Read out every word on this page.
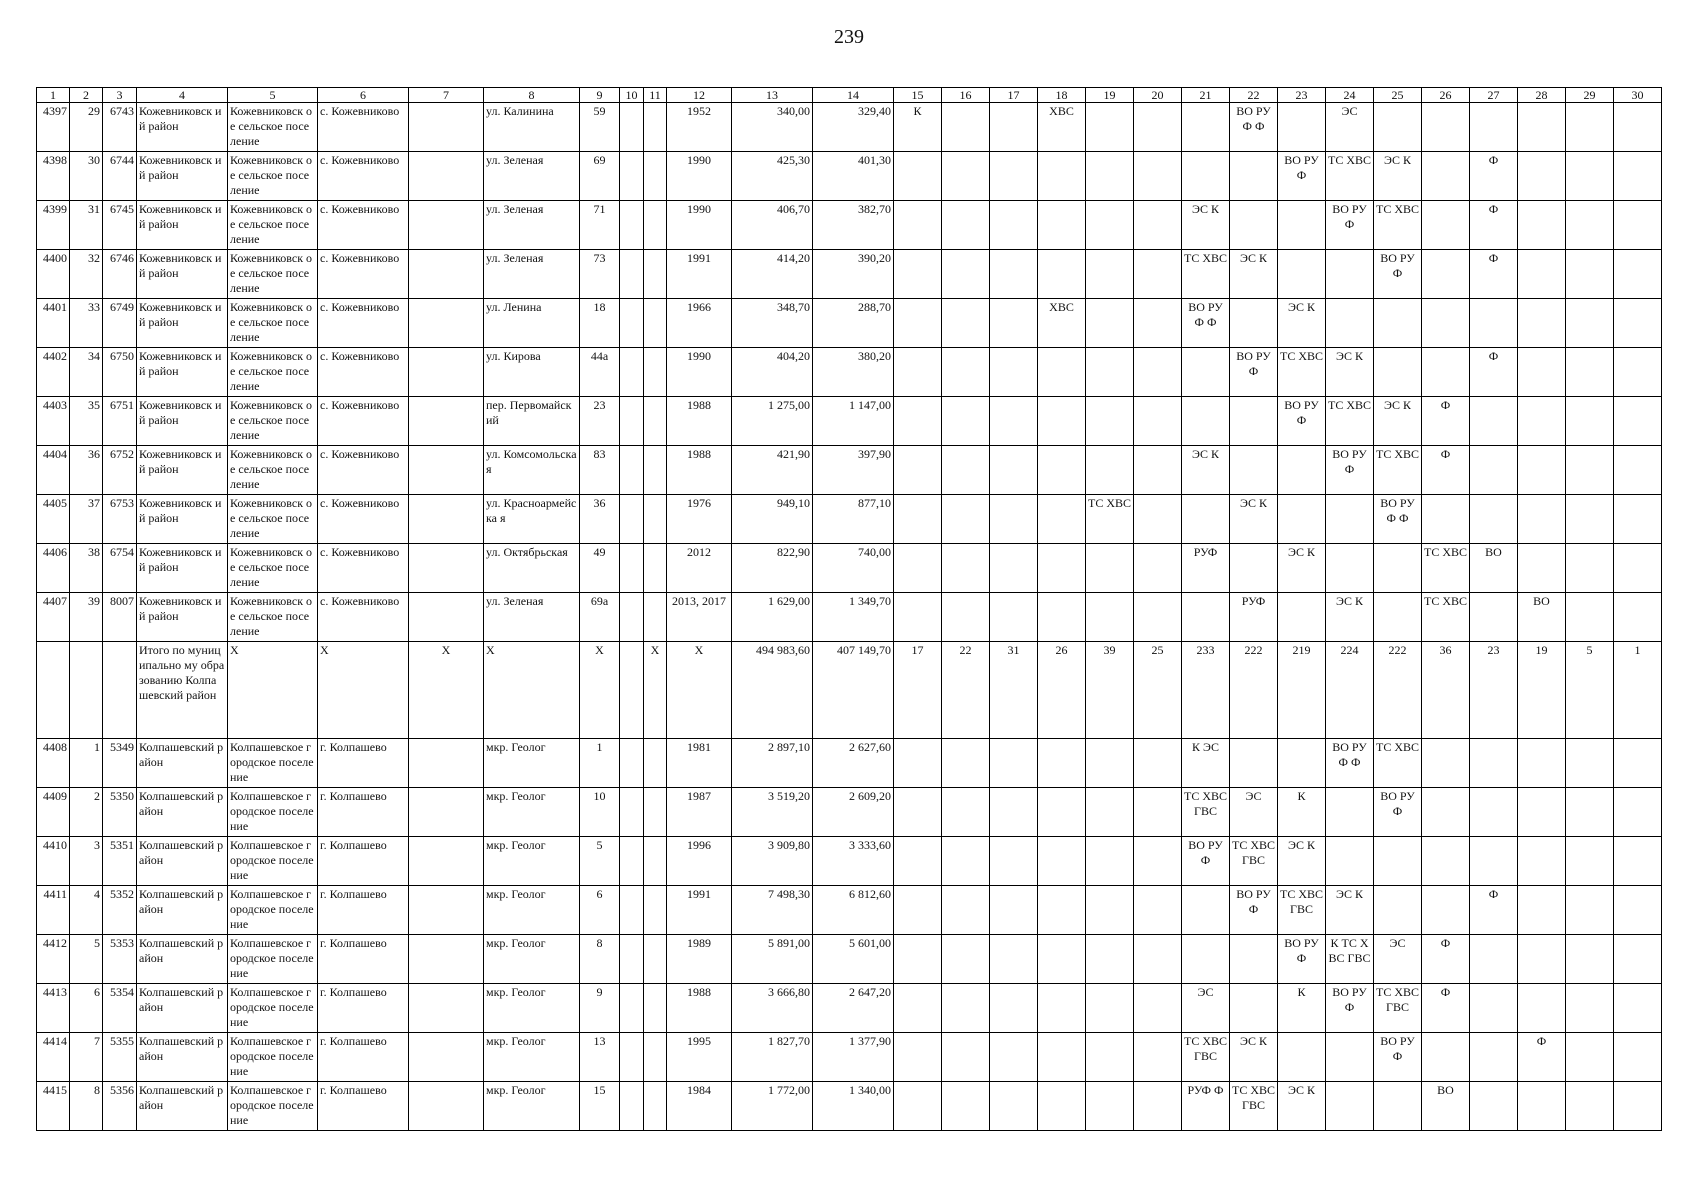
239
1	2	3	4	5	6	7	8	9	10	11	12	13	14	15	16	17	18	19	20	21	22	23	24	25	26	27	28	29	30
4397	29	6743	Кожевниковск ий район	Кожевниковск ое сельское поселение	с. Кожевниково		ул. Калинина	59			1952	340,00	329,40	К			ХВС				ВО РУФ Ф		ЭС						
4398	30	6744	Кожевниковск ий район	Кожевниковск ое сельское поселение	с. Кожевниково		ул. Зеленая	69			1990	425,30	401,30									ВО РУФ	ТС ХВС	ЭС К		Ф			
4399	31	6745	Кожевниковск ий район	Кожевниковск ое сельское поселение	с. Кожевниково		ул. Зеленая	71			1990	406,70	382,70							ЭС К			ВО РУФ	ТС ХВС		Ф			
4400	32	6746	Кожевниковск ий район	Кожевниковск ое сельское поселение	с. Кожевниково		ул. Зеленая	73			1991	414,20	390,20							ТС ХВС	ЭС К			ВО РУФ		Ф			
4401	33	6749	Кожевниковск ий район	Кожевниковск ое сельское поселение	с. Кожевниково		ул. Ленина	18			1966	348,70	288,70				ХВС			ВО РУФ Ф		ЭС К							
4402	34	6750	Кожевниковск ий район	Кожевниковск ое сельское поселение	с. Кожевниково		ул. Кирова	44а			1990	404,20	380,20								ВО РУФ	ТС ХВС	ЭС К			Ф			
4403	35	6751	Кожевниковск ий район	Кожевниковск ое сельское поселение	с. Кожевниково		пер. Первомайский	23			1988	1 275,00	1 147,00									ВО РУФ	ТС ХВС	ЭС К	Ф				
4404	36	6752	Кожевниковск ий район	Кожевниковск ое сельское поселение	с. Кожевниково		ул. Комсомольская	83			1988	421,90	397,90							ЭС К			ВО РУФ	ТС ХВС	Ф				
4405	37	6753	Кожевниковск ий район	Кожевниковск ое сельское поселение	с. Кожевниково		ул. Красноармейска я	36			1976	949,10	877,10					ТС ХВС			ЭС К			ВО РУФ Ф					
4406	38	6754	Кожевниковск ий район	Кожевниковск ое сельское поселение	с. Кожевниково		ул. Октябрьская	49			2012	822,90	740,00							РУФ		ЭС К			ТС ХВС	ВО			
4407	39	8007	Кожевниковск ий район	Кожевниковск ое сельское поселение	с. Кожевниково		ул. Зеленая	69а			2013, 2017	1 629,00	1 349,70								РУФ		ЭС К		ТС ХВС		ВО		
			Итого по муниципально му образованию Колпашевский район	X	X	X	X	X		X	X	494 983,60	407 149,70	17	22	31	26	39	25	233	222	219	224	222	36	23	19	5	1
4408	1	5349	Колпашевский район	Колпашевское городское поселение	г. Колпашево		мкр. Геолог	1			1981	2 897,10	2 627,60							К ЭС			ВО РУФ Ф	ТС ХВС					
4409	2	5350	Колпашевский район	Колпашевское городское поселение	г. Колпашево		мкр. Геолог	10			1987	3 519,20	2 609,20							ТС ХВС ГВС	ЭС	К		ВО РУФ					
4410	3	5351	Колпашевский район	Колпашевское городское поселение	г. Колпашево		мкр. Геолог	5			1996	3 909,80	3 333,60							ВО РУФ	ТС ХВС ГВС	ЭС К							
4411	4	5352	Колпашевский район	Колпашевское городское поселение	г. Колпашево		мкр. Геолог	6			1991	7 498,30	6 812,60								ВО РУФ	ТС ХВС ГВС	ЭС К			Ф			
4412	5	5353	Колпашевский район	Колпашевское городское поселение	г. Колпашево		мкр. Геолог	8			1989	5 891,00	5 601,00									ВО РУФ	К ТС ХВС ГВС	ЭС	Ф				
4413	6	5354	Колпашевский район	Колпашевское городское поселение	г. Колпашево		мкр. Геолог	9			1988	3 666,80	2 647,20							ЭС		К	ВО РУФ	ТС ХВС ГВС	Ф				
4414	7	5355	Колпашевский район	Колпашевское городское поселение	г. Колпашево		мкр. Геолог	13			1995	1 827,70	1 377,90							ТС ХВС ГВС	ЭС К			ВО РУФ			Ф		
4415	8	5356	Колпашевский район	Колпашевское городское поселение	г. Колпашево		мкр. Геолог	15			1984	1 772,00	1 340,00							РУФ Ф	ТС ХВС ГВС	ЭС К			ВО				
